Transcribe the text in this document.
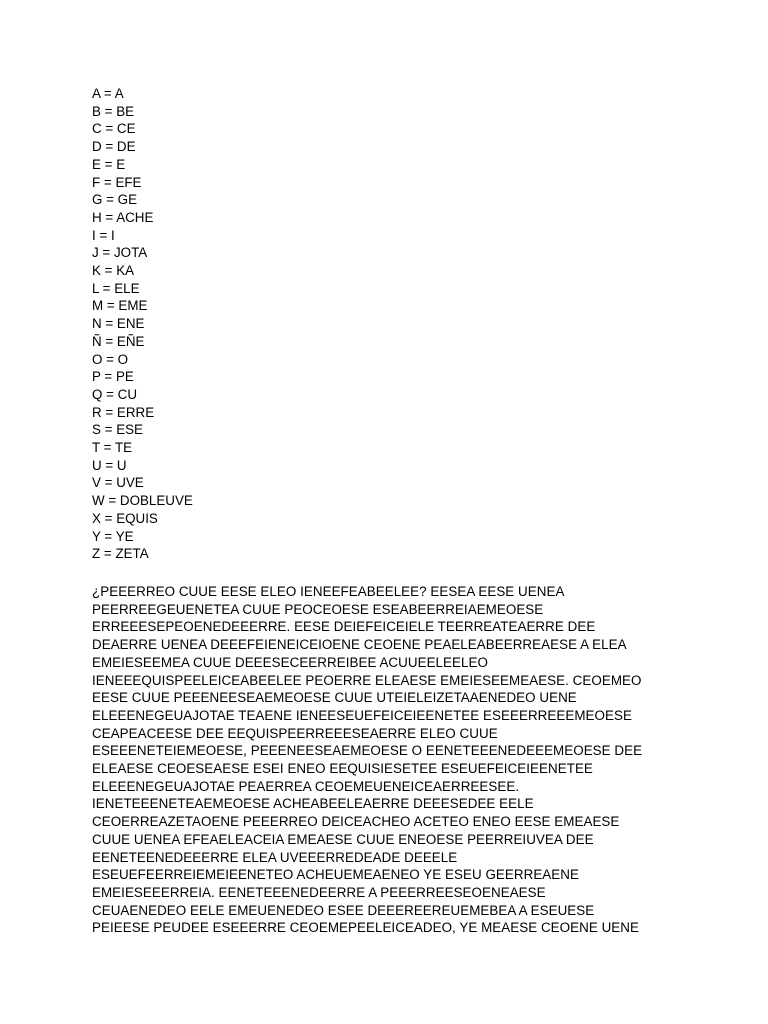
A = A
B = BE
C = CE
D = DE
E = E
F = EFE
G = GE
H = ACHE
I = I
J = JOTA
K = KA
L = ELE
M = EME
N = ENE
Ñ = EÑE
O = O
P = PE
Q = CU
R = ERRE
S = ESE
T = TE
U = U
V = UVE
W = DOBLEUVE
X = EQUIS
Y = YE
Z = ZETA
¿PEEERREO CUUE EESE ELEO IENEEFEABEELEE? EESEA EESE UENEA
PEERREEGEUENETEA CUUE PEOCEOESE ESEABEERREIAEMEOESE
ERREEESEPEOENEDEEERRE. EESE DEIEFEICEIELE TEERREATEAERRE DEE
DEAERRE UENEA DEEEFEIENEICEIOENE CEOENE PEAELEABEERREAESE A ELEA
EMEIESEEMEA CUUE DEEESECEERREIBEE ACUUEELEELEO
IENEEEQUISPEELEICEABEELEE PEOERRE ELEAESE EMEIESEEMEAESE. CEOEMEO
EESE CUUE PEEENEESEAEMEOESE CUUE UTEIELEIZETAAENEDEO UENE
ELEEENEGEUAJOTAE TEAENE IENEESEUEFEICEIEENETEE ESEEERREEEMEOESE
CEAPEACEESE DEE EEQUISPEERREEESEAERRE ELEO CUUE
ESEEENETEIEMEOESE, PEEENEESEAEMEOESE O EENETEEENEDEEEMEOESE DEE
ELEAESE CEOESEAESE ESEI ENEO EEQUISIESETEE ESEUEFEICEIEENETEE
ELEEENEGEUAJOTAE PEAERREA CEOEMEUENEICEAERREESEE.
IENETEEENETEAEMEOESE ACHEABEELEAERRE DEEESEDEE EELE
CEOERREAZETAOENE PEEERREO DEICEACHEO ACETEO ENEO EESE EMEAESE
CUUE UENEA EFEAELEACEIA EMEAESE CUUE ENEOESE PEERREIUVEA DEE
EENETEENEDEEERRE ELEA UVEEERREDEADE DEEELE
ESEUEFEERREIEMEIEENETEO ACHEUEMEAENEO YE ESEU GEERREAENE
EMEIESEEERREIA. EENETEEENEDEERRE A PEEERREESEOENEAESE
CEUAENEDEO EELE EMEUENEDEO ESEE DEEEREEREUEMEBEA A ESEUESE
PEIEESE PEUDEE ESEEERRE CEOEMEPEELEICEADEO, YE MEAESE CEOENE UENE
